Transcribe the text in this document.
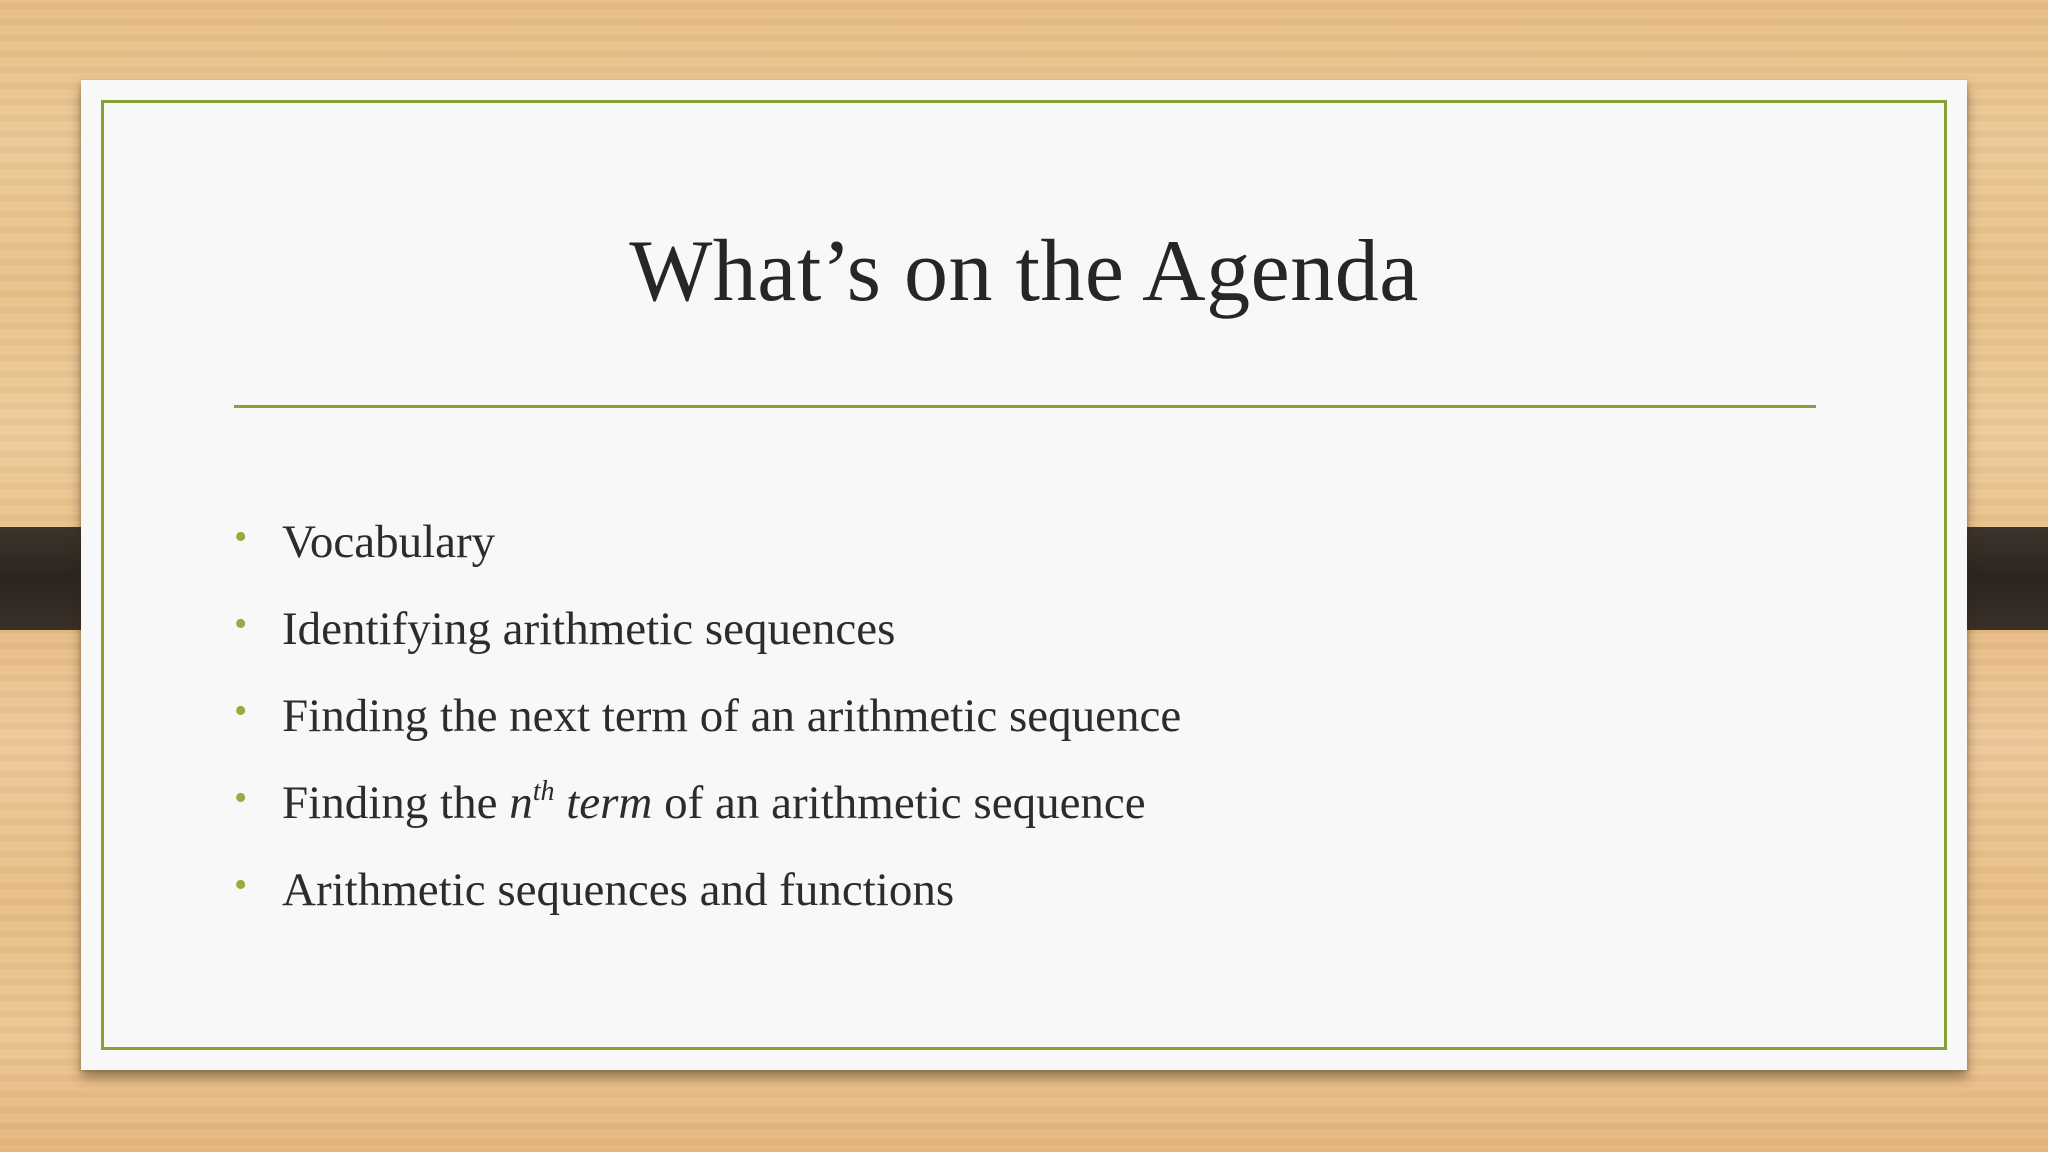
What’s on the Agenda
• Vocabulary
• Identifying arithmetic sequences
• Finding the next term of an arithmetic sequence
• Finding the $n^{th}$ term of an arithmetic sequence
• Arithmetic sequences and functions
